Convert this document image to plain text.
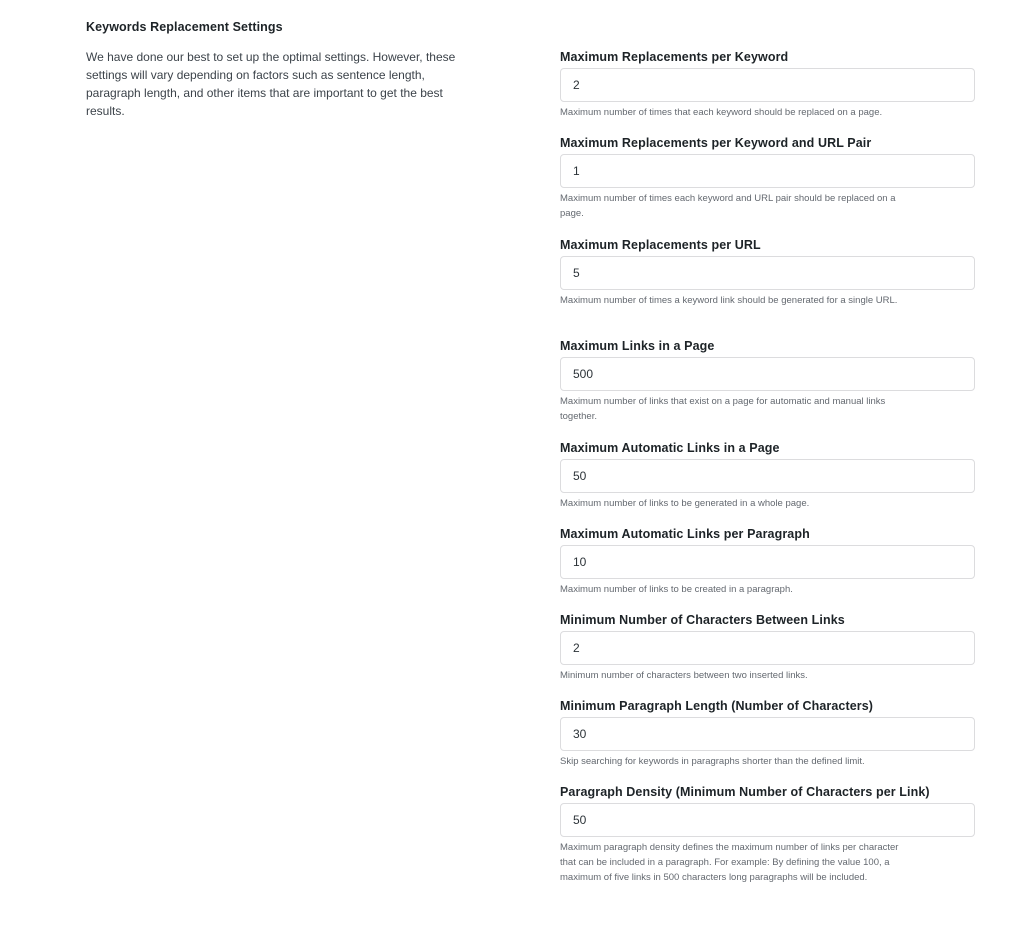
Keywords Replacement Settings

We have done our best to set up the optimal settings. However, these settings will vary depending on factors such as sentence length, paragraph length, and other items that are important to get the best results.

Maximum Replacements per Keyword
2
Maximum number of times that each keyword should be replaced on a page.
Maximum Replacements per Keyword and URL Pair
1
Maximum number of times each keyword and URL pair should be replaced on a page.
Maximum Replacements per URL
5
Maximum number of times a keyword link should be generated for a single URL.
Maximum Links in a Page
500
Maximum number of links that exist on a page for automatic and manual links together.
Maximum Automatic Links in a Page
50
Maximum number of links to be generated in a whole page.
Maximum Automatic Links per Paragraph
10
Maximum number of links to be created in a paragraph.
Minimum Number of Characters Between Links
2
Minimum number of characters between two inserted links.
Minimum Paragraph Length (Number of Characters)
30
Skip searching for keywords in paragraphs shorter than the defined limit.
Paragraph Density (Minimum Number of Characters per Link)
50
Maximum paragraph density defines the maximum number of links per character that can be included in a paragraph. For example: By defining the value 100, a maximum of five links in 500 characters long paragraphs will be included.
